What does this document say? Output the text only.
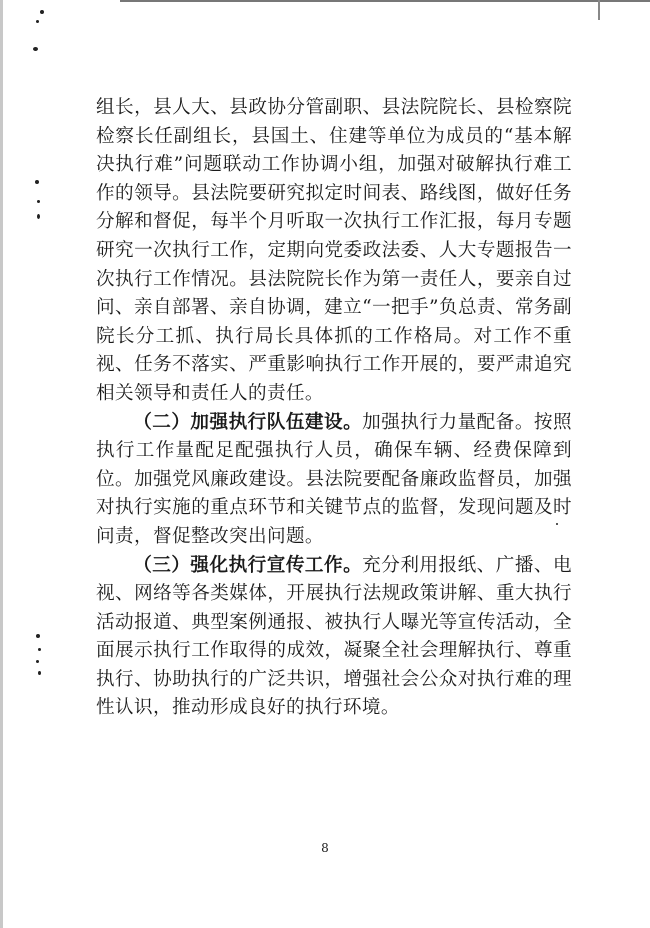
组长，县人大、县政协分管副职、县法院院长、县检察院检察长任副组长，县国土、住建等单位为成员的“基本解决执行难”问题联动工作协调小组，加强对破解执行难工作的领导。县法院要研究拟定时间表、路线图，做好任务分解和督促，每半个月听取一次执行工作汇报，每月专题研究一次执行工作，定期向党委政法委、人大专题报告一次执行工作情况。县法院院长作为第一责任人，要亲自过问、亲自部署、亲自协调，建立“一把手”负总责、常务副院长分工抓、执行局长具体抓的工作格局。对工作不重视、任务不落实、严重影响执行工作开展的，要严肃追究相关领导和责任人的责任。

（二）加强执行队伍建设。加强执行力量配备。按照执行工作量配足配强执行人员，确保车辆、经费保障到位。加强党风廉政建设。县法院要配备廉政监督员，加强对执行实施的重点环节和关键节点的监督，发现问题及时问责，督促整改突出问题。

（三）强化执行宣传工作。充分利用报纸、广播、电视、网络等各类媒体，开展执行法规政策讲解、重大执行活动报道、典型案例通报、被执行人曝光等宣传活动，全面展示执行工作取得的成效，凝聚全社会理解执行、尊重执行、协助执行的广泛共识，增强社会公众对执行难的理性认识，推动形成良好的执行环境。

8
